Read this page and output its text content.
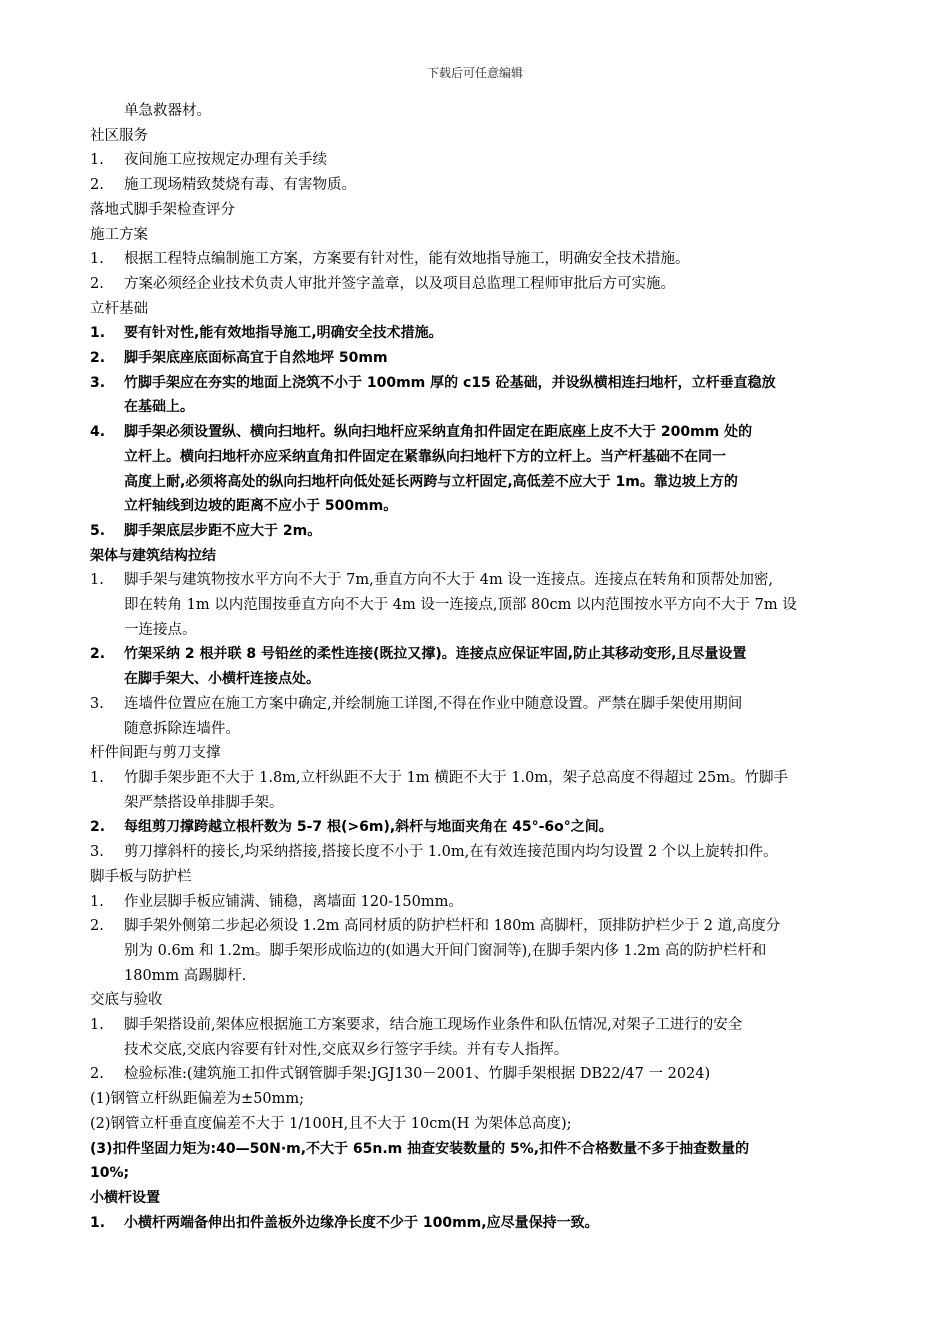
下载后可任意编辑
单急救器材。
社区服务
1.	夜间施工应按规定办理有关手续
2.	施工现场精致焚烧有毒、有害物质。
落地式脚手架检查评分
施工方案
1.	根据工程特点编制施工方案，方案要有针对性，能有效地指导施工，明确安全技术措施。
2.	方案必须经企业技术负责人审批并签字盖章，以及项目总监理工程师审批后方可实施。
立杆基础
1.	要有针对性,能有效地指导施工,明确安全技术措施。
2.	脚手架底座底面标高宜于自然地坪 50mm
3.	竹脚手架应在夯实的地面上浇筑不小于 100mm 厚的 c15 砼基础，并设纵横相连扫地杆，立杆垂直稳放
在基础上。
4.	脚手架必须设置纵、横向扫地杆。纵向扫地杆应采纳直角扣件固定在距底座上皮不大于 200mm 处的
立杆上。横向扫地杆亦应采纳直角扣件固定在紧靠纵向扫地杆下方的立杆上。当产杆基础不在同一
高度上耐,必须将高处的纵向扫地杆向低处延长两跨与立杆固定,高低差不应大于 1m。靠边坡上方的
立杆轴线到边坡的距离不应小于 500mm。
5.	脚手架底层步距不应大于 2m。
架体与建筑结构拉结
1.	脚手架与建筑物按水平方向不大于 7m,垂直方向不大于 4m 设一连接点。连接点在转角和顶帮处加密,
即在转角 1m 以内范围按垂直方向不大于 4m 设一连接点,顶部 80cm 以内范围按水平方向不大于 7m 设
一连接点。
2.	竹架采纳 2 根并联 8 号铅丝的柔性连接(既拉又撑)。连接点应保证牢固,防止其移动变形,且尽量设置
在脚手架大、小横杆连接点处。
3.	连墙件位置应在施工方案中确定,并绘制施工详图,不得在作业中随意设置。严禁在脚手架使用期间
随意拆除连墙件。
杆件间距与剪刀支撑
1.	竹脚手架步距不大于 1.8m,立杆纵距不大于 1m 横距不大于 1.0m，架子总高度不得超过 25m。竹脚手
架严禁搭设单排脚手架。
2.	每组剪刀撑跨越立根杆数为 5-7 根(>6m),斜杆与地面夹角在 45°-6o°之间。
3.	剪刀撑斜杆的接长,均采纳搭接,搭接长度不小于 1.0m,在有效连接范围内均匀设置 2 个以上旋转扣件。
脚手板与防护栏
1.	作业层脚手板应铺满、铺稳，离墙面 120-150mm。
2.	脚手架外侧第二步起必须设 1.2m 高同材质的防护栏杆和 180m 高脚杆，顶排防护栏少于 2 道,高度分
别为 0.6m 和 1.2m。脚手架形成临边的(如遇大开间门窗洞等),在脚手架内侈 1.2m 高的防护栏杆和
180mm 高踢脚杆.
交底与验收
1.	脚手架搭设前,架体应根据施工方案要求，结合施工现场作业条件和队伍情况,对架子工进行的安全
技术交底,交底内容要有针对性,交底双乡行签字手续。并有专人指挥。
2.	检验标准:(建筑施工扣件式钢管脚手架:JGJ130－2001、竹脚手架根据 DB22/47 一 2024)
(1)钢管立杆纵距偏差为±50mm;
(2)钢管立杆垂直度偏差不大于 1/100H,且不大于 10cm(H 为架体总高度);
(3)扣件坚固力矩为:40—50N·m,不大于 65n.m 抽查安装数量的 5%,扣件不合格数量不多于抽查数量的
10%;
小横杆设置
1.	小横杆两端备伸出扣件盖板外边缘净长度不少于 100mm,应尽量保持一致。
